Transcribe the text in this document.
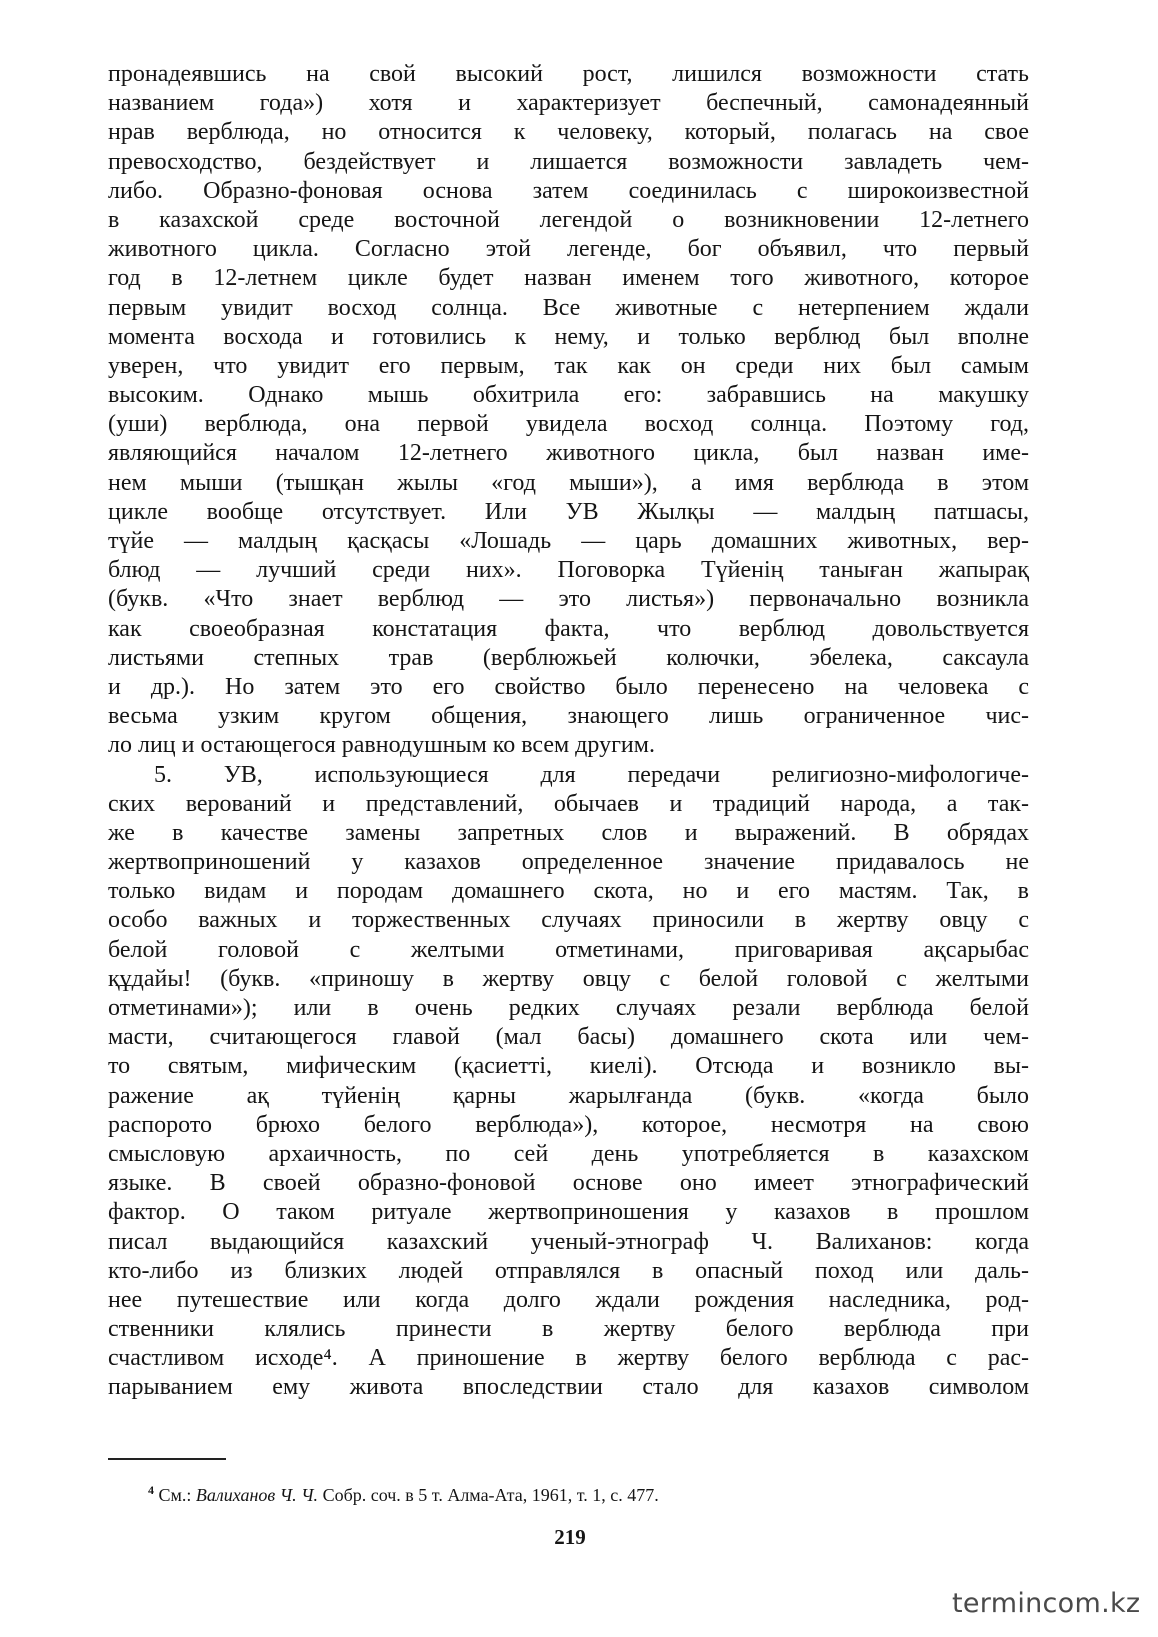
пронадеявшись на свой высокий рост, лишился возможности стать
названием года») хотя и характеризует беспечный, самонадеянный
нрав верблюда, но относится к человеку, который, полагась на свое
превосходство, бездействует и лишается возможности завладеть чем-
либо. Образно-фоновая основа затем соединилась с широкоизвестной
в казахской среде восточной легендой о возникновении 12-летнего
животного цикла. Согласно этой легенде, бог объявил, что первый
год в 12-летнем цикле будет назван именем того животного, которое
первым увидит восход солнца. Все животные с нетерпением ждали
момента восхода и готовились к нему, и только верблюд был вполне
уверен, что увидит его первым, так как он среди них был самым
высоким. Однако мышь обхитрила его: забравшись на макушку
(уши) верблюда, она первой увидела восход солнца. Поэтому год,
являющийся началом 12-летнего животного цикла, был назван име-
нем мыши (тышқан жылы «год мыши»), а имя верблюда в этом
цикле вообще отсутствует. Или УВ Жылқы — малдың патшасы,
түйе — малдың қасқасы «Лошадь — царь домашних животных, вер-
блюд — лучший среди них». Поговорка Түйенің таныған жапырақ
(букв. «Что знает верблюд — это листья») первоначально возникла
как своеобразная констатация факта, что верблюд довольствуется
листьями степных трав (верблюжьей колючки, эбелека, саксаула
и др.). Но затем это его свойство было перенесено на человека с
весьма узким кругом общения, знающего лишь ограниченное чис-
ло лиц и остающегося равнодушным ко всем другим.
5. УВ, использующиеся для передачи религиозно-мифологиче-
ских верований и представлений, обычаев и традиций народа, а так-
же в качестве замены запретных слов и выражений. В обрядах
жертвоприношений у казахов определенное значение придавалось не
только видам и породам домашнего скота, но и его мастям. Так, в
особо важных и торжественных случаях приносили в жертву овцу с
белой головой с желтыми отметинами, приговаривая ақсарыбас
құдайы! (букв. «приношу в жертву овцу с белой головой с желтыми
отметинами»); или в очень редких случаях резали верблюда белой
масти, считающегося главой (мал басы) домашнего скота или чем-
то святым, мифическим (қасиетті, киелі). Отсюда и возникло вы-
ражение ақ түйенің қарны жарылғанда (букв. «когда было
распорото брюхо белого верблюда»), которое, несмотря на свою
смысловую архаичность, по сей день употребляется в казахском
языке. В своей образно-фоновой основе оно имеет этнографический
фактор. О таком ритуале жертвоприношения у казахов в прошлом
писал выдающийся казахский ученый-этнограф Ч. Валиханов: когда
кто-либо из близких людей отправлялся в опасный поход или даль-
нее путешествие или когда долго ждали рождения наследника, род-
ственники клялись принести в жертву белого верблюда при
счастливом исходе⁴. А приношение в жертву белого верблюда с рас-
парыванием ему живота впоследствии стало для казахов символом
$^4$ См.: Валиханов Ч. Ч. Собр. соч. в 5 т. Алма-Ата, 1961, т. 1, с. 477.
219
termincom.kz
